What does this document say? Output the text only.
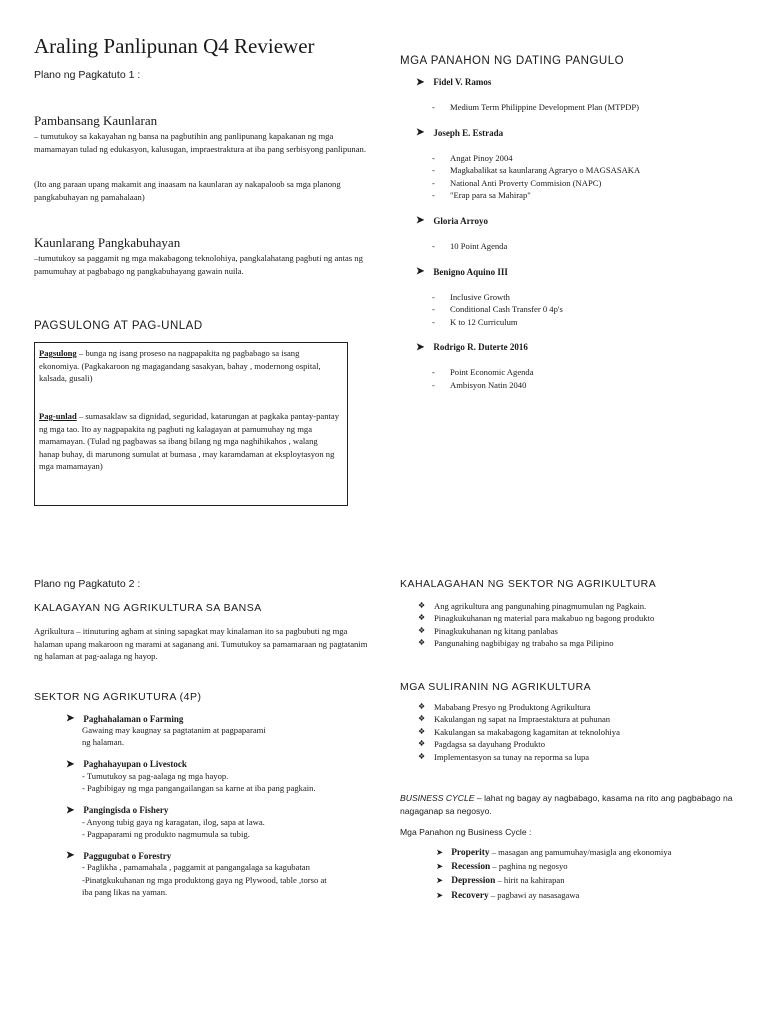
Araling Panlipunan Q4 Reviewer
Plano ng Pagkatuto 1 :
Pambansang Kaunlaran
– tumutukoy sa kakayahan ng bansa na pagbutihin ang panlipunang kapakanan ng mga mamamayan tulad ng edukasyon, kalusugan, impraestraktura at iba pang serbisyong panlipunan.
(Ito ang paraan upang makamit ang inaasam na kaunlaran ay nakapaloob sa mga planong pangkabuhayan ng pamahalaan)
Kaunlarang Pangkabuhayan
–tumutukoy sa paggamit ng mga makabagong teknolohiya, pangkalahatang pagbuti ng antas ng pamumuhay at pagbabago ng pangkabuhayang gawain nuila.
PAGSULONG AT PAG-UNLAD
Pagsulong – bunga ng isang proseso na nagpapakita ng pagbabago sa isang ekonomiya. (Pagkakaroon ng magagandang sasakyan, bahay , modernong ospital, kalsada, gusali)
Pag-unlad – sumasaklaw sa dignidad, seguridad, katarungan at pagkaka pantay-pantay ng mga tao. Ito ay nagpapakita ng pagbuti ng kalagayan at pamumuhay ng mga mamamayan. (Tulad ng pagbawas sa ibang bilang ng mga naghihikahos , walang hanap buhay, di marunong sumulat at bumasa , may karamdaman at eksploytasyon ng mga mamamayan)
MGA PANAHON NG DATING PANGULO
➤ Fidel V. Ramos
- Medium Term Philippine Development Plan (MTPDP)
➤ Joseph E. Estrada
- Angat Pinoy 2004
- Magkabalikat sa kaunlarang Agraryo o MAGSASAKA
- National Anti Proverty Commision (NAPC)
- "Erap para sa Mahirap"
➤ Gloria Arroyo
- 10 Point Agenda
➤ Benigno Aquino III
- Inclusive Growth
- Conditional Cash Transfer 0 4p's
- K to 12 Curriculum
➤ Rodrigo R. Duterte 2016
- Point Economic Agenda
- Ambisyon Natin 2040
Plano ng Pagkatuto 2 :
KALAGAYAN NG AGRIKULTURA SA BANSA
Agrikultura – itinuturing agham at sining sapagkat may kinalaman ito sa pagbubuti ng mga halaman upang makaroon ng marami at saganang ani. Tumutukoy sa pamamaraan ng pagtatanim ng halaman at pag-aalaga ng hayop.
SEKTOR NG AGRIKUTURA (4P)
➤ Paghahalaman o Farming
Gawaing may kaugnay sa pagtatanim at pagpaparami
ng halaman.
➤ Paghahayupan o Livestock
- Tumutukoy sa pag-aalaga ng mga hayop.
- Pagbibigay ng mga pangangailangan sa karne at iba pang pagkain.
➤ Pangingisda o Fishery
- Anyong tubig gaya ng karagatan, ilog, sapa at lawa.
- Pagpaparami ng produkto nagmumula sa tubig.
➤ Paggugubat o Forestry
- Paglikha , pamamahala , paggamit at pangangalaga sa kagubatan
-Pinatgkukuhanan ng mga produktong gaya ng Plywood, table ,torso at
iba pang likas na yaman.
KAHALAGAHAN NG SEKTOR NG AGRIKULTURA
❖ Ang agrikultura ang pangunahing pinagmumulan ng Pagkain.
❖ Pinagkukuhanan ng material para makabuo ng bagong produkto
❖ Pinagkukuhanan ng kitang panlabas
❖ Pangunahing nagbibigay ng trabaho sa mga Pilipino
MGA SULIRANIN NG AGRIKULTURA
❖ Mababang Presyo ng Produktong Agrikultura
❖ Kakulangan ng sapat na Impraestaktura at puhunan
❖ Kakulangan sa makabagong kagamitan at teknolohiya
❖ Pagdagsa sa dayuhang Produkto
❖ Implementasyon sa tunay na reporma sa lupa
BUSINESS CYCLE – lahat ng bagay ay nagbabago, kasama na rito ang pagbabago na nagaganap sa negosyo.
Mga Panahon ng Business Cycle :
➤ Properity – masagan ang pamumuhay/masigla ang ekonomiya
➤ Recession – paghina ng negosyo
➤ Depression – hirit na kahirapan
➤ Recovery – pagbawi ay nasasagawa
